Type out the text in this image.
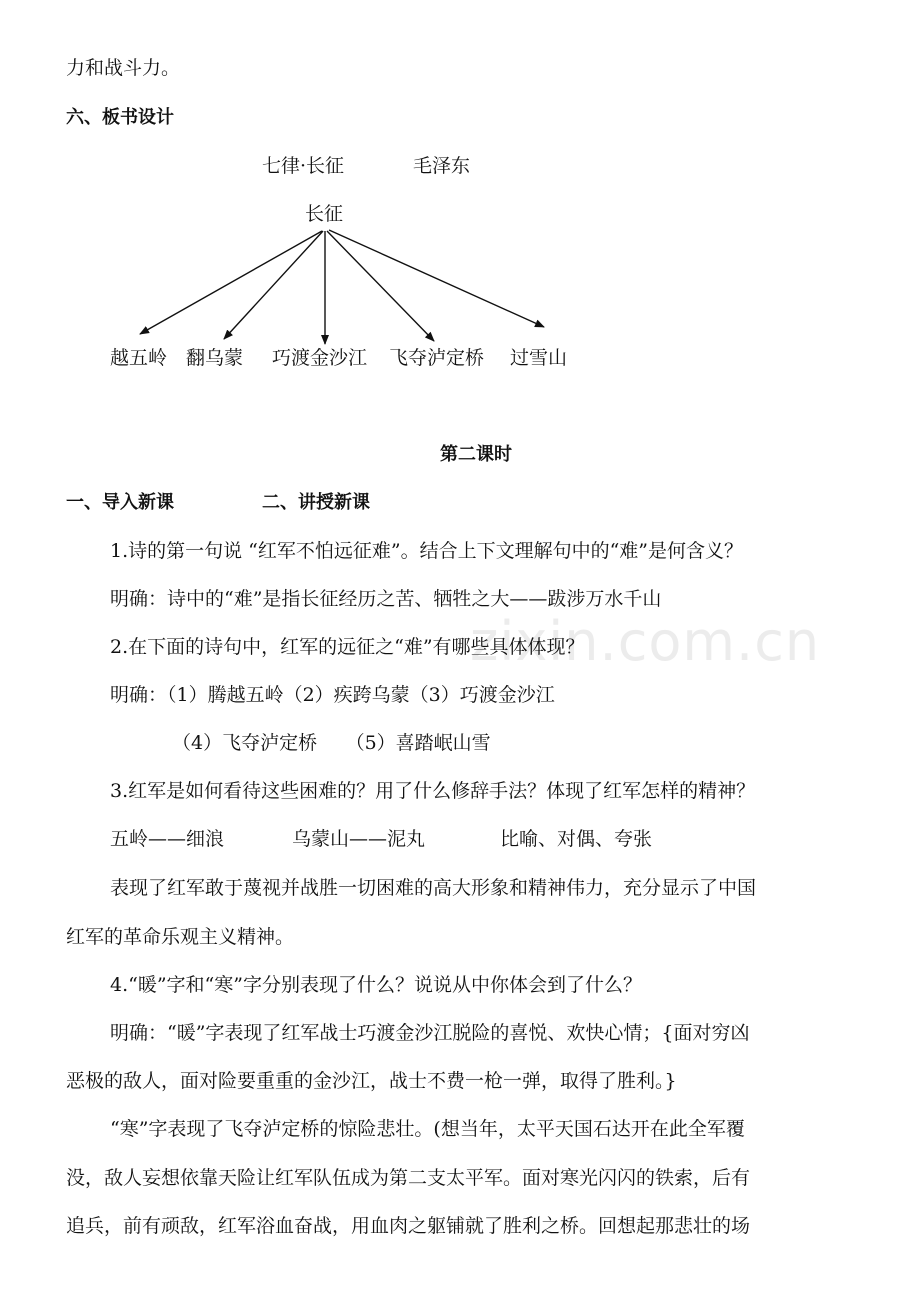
zixin.com.cn
力和战斗力。
六、板书设计
七律·长征	毛泽东
长征
越五岭 翻乌蒙 巧渡金沙江 飞夺泸定桥 过雪山
第二课时
一、导入新课	二、讲授新课
1.诗的第一句说 “红军不怕远征难”。结合上下文理解句中的“难”是何含义？
明确：诗中的“难”是指长征经历之苦、牺牲之大——跋涉万水千山
2.在下面的诗句中，红军的远征之“难”有哪些具体体现？
明确：（1）腾越五岭（2）疾跨乌蒙（3）巧渡金沙江
（4）飞夺泸定桥　　（5）喜踏岷山雪
3.红军是如何看待这些困难的？用了什么修辞手法？体现了红军怎样的精神？
五岭——细浪	乌蒙山——泥丸	比喻、对偶、夸张
表现了红军敢于蔑视并战胜一切困难的高大形象和精神伟力，充分显示了中国
红军的革命乐观主义精神。
4.“暖”字和“寒”字分别表现了什么？说说从中你体会到了什么？
明确：“暖”字表现了红军战士巧渡金沙江脱险的喜悦、欢快心情；{面对穷凶
恶极的敌人，面对险要重重的金沙江，战士不费一枪一弹，取得了胜利。}
“寒”字表现了飞夺泸定桥的惊险悲壮。(想当年，太平天国石达开在此全军覆
没，敌人妄想依靠天险让红军队伍成为第二支太平军。面对寒光闪闪的铁索，后有
追兵，前有顽敌，红军浴血奋战，用血肉之躯铺就了胜利之桥。回想起那悲壮的场
